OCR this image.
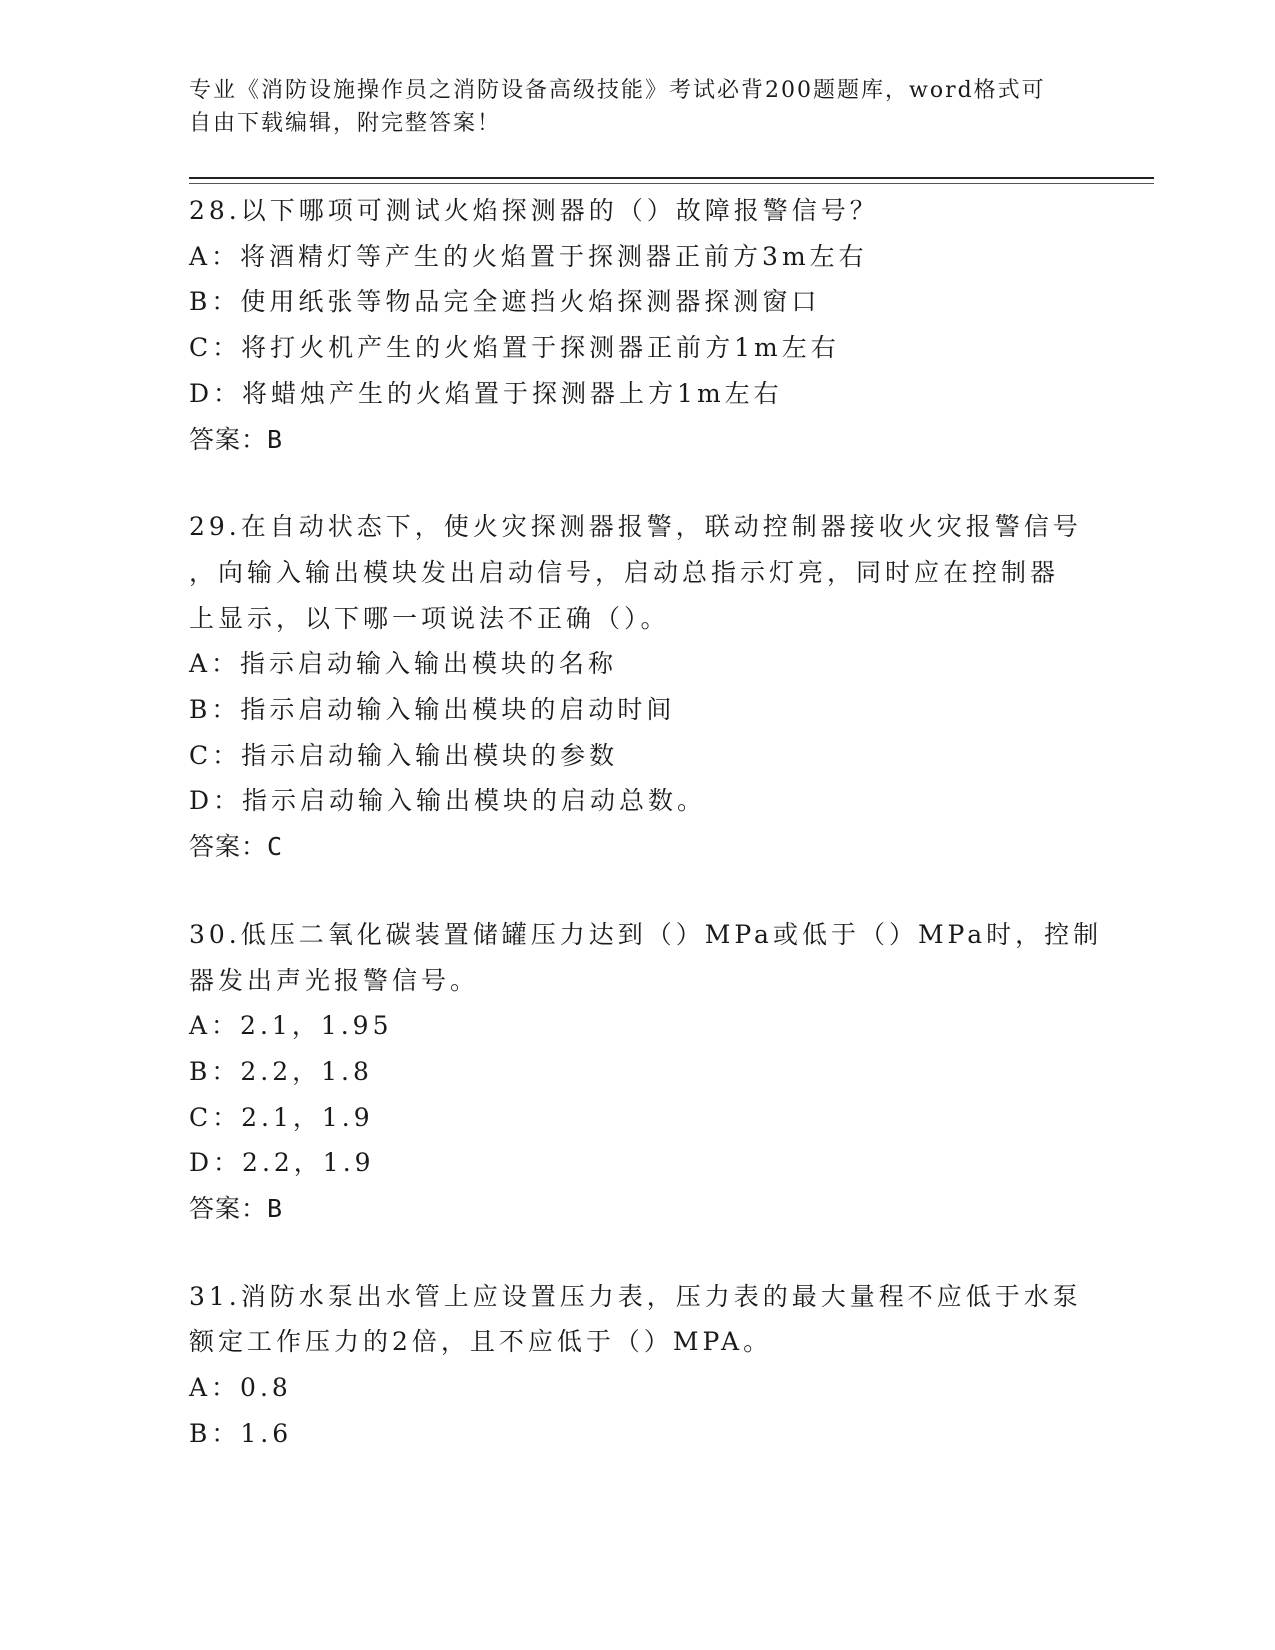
专业《消防设施操作员之消防设备高级技能》考试必背200题题库，word格式可
自由下载编辑，附完整答案！
28.以下哪项可测试火焰探测器的（）故障报警信号？
A：将酒精灯等产生的火焰置于探测器正前方3m左右
B：使用纸张等物品完全遮挡火焰探测器探测窗口
C：将打火机产生的火焰置于探测器正前方1m左右
D：将蜡烛产生的火焰置于探测器上方1m左右
答案：B
29.在自动状态下，使火灾探测器报警，联动控制器接收火灾报警信号
，向输入输出模块发出启动信号，启动总指示灯亮，同时应在控制器
上显示，以下哪一项说法不正确（）。
A：指示启动输入输出模块的名称
B：指示启动输入输出模块的启动时间
C：指示启动输入输出模块的参数
D：指示启动输入输出模块的启动总数。
答案：C
30.低压二氧化碳装置储罐压力达到（）MPa或低于（）MPa时，控制
器发出声光报警信号。
A：2.1，1.95
B：2.2，1.8
C：2.1，1.9
D：2.2，1.9
答案：B
31.消防水泵出水管上应设置压力表，压力表的最大量程不应低于水泵
额定工作压力的2倍，且不应低于（）MPA。
A：0.8
B：1.6
